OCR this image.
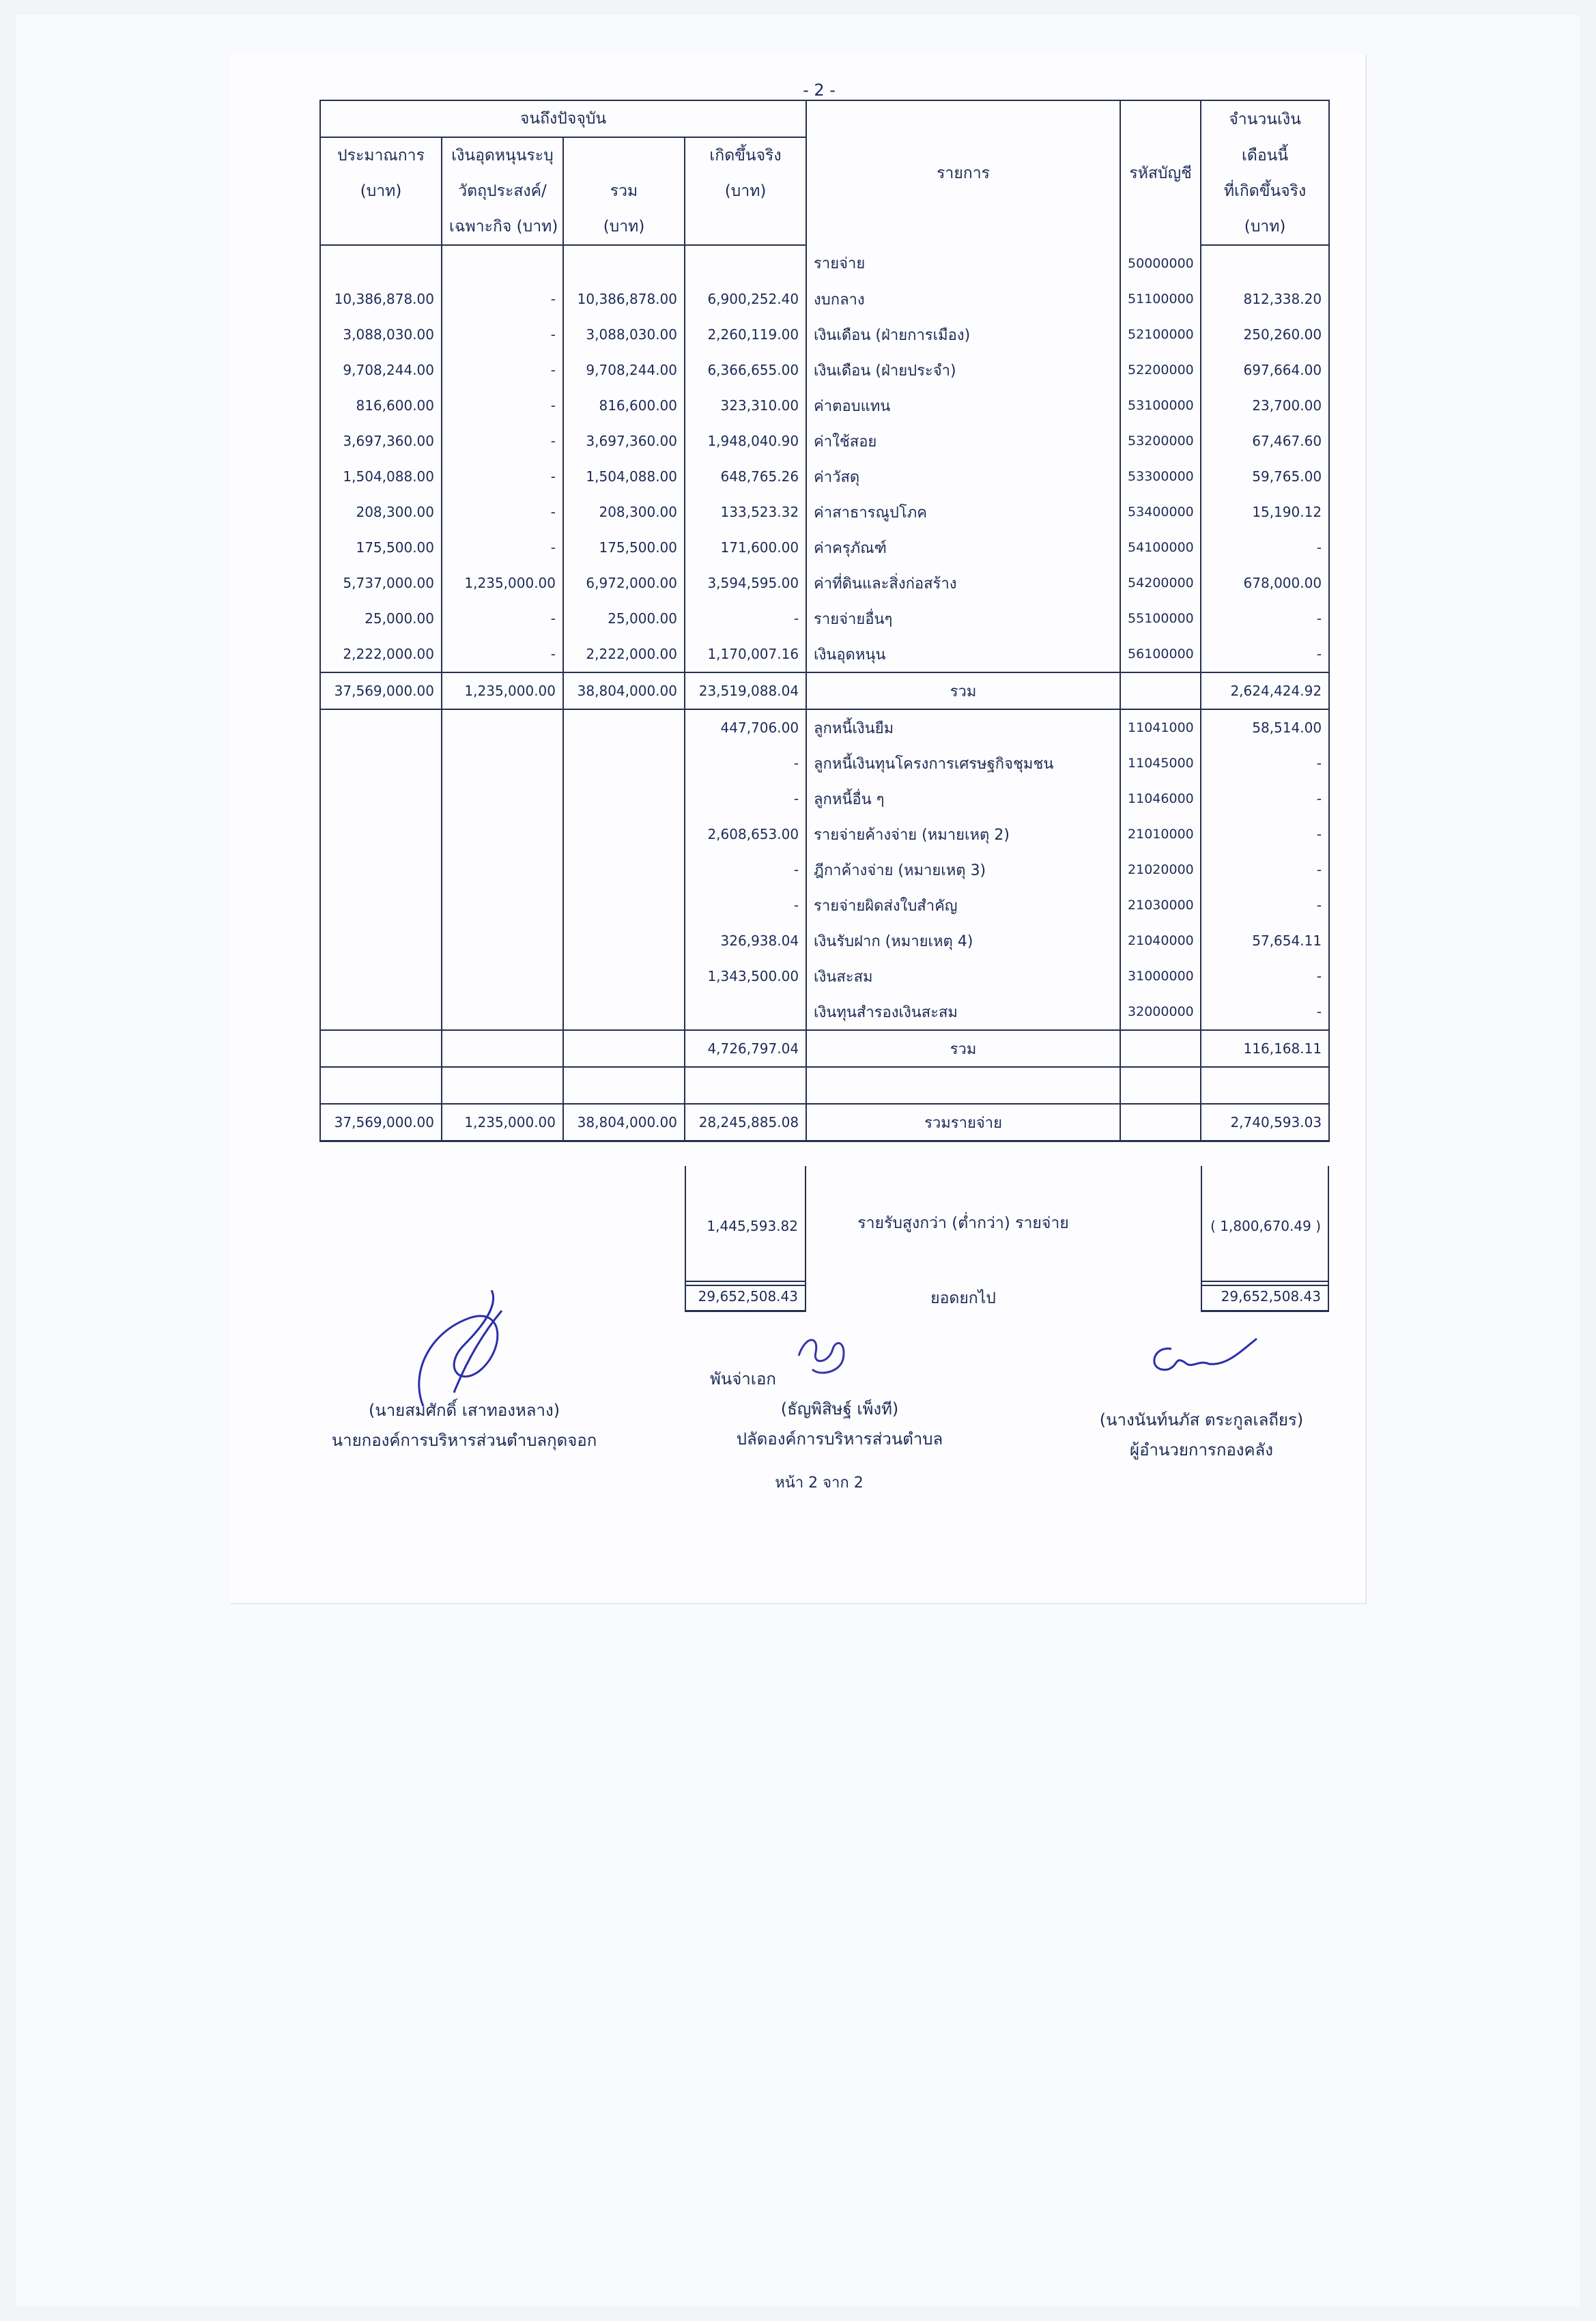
- 2 -
จนถึงปัจจุบัน				รายการ	รหัสบัญชี	จำนวนเงิน
ประมาณการ	เงินอุดหนุนระบุ		เกิดขึ้นจริง			เดือนนี้
(บาท)	วัตถุประสงค์/	รวม	(บาท)			ที่เกิดขึ้นจริง
	เฉพาะกิจ (บาท)	(บาท)				(บาท)
				รายจ่าย	50000000	
10,386,878.00	-	10,386,878.00	6,900,252.40	งบกลาง	51100000	812,338.20
3,088,030.00	-	3,088,030.00	2,260,119.00	เงินเดือน (ฝ่ายการเมือง)	52100000	250,260.00
9,708,244.00	-	9,708,244.00	6,366,655.00	เงินเดือน (ฝ่ายประจำ)	52200000	697,664.00
816,600.00	-	816,600.00	323,310.00	ค่าตอบแทน	53100000	23,700.00
3,697,360.00	-	3,697,360.00	1,948,040.90	ค่าใช้สอย	53200000	67,467.60
1,504,088.00	-	1,504,088.00	648,765.26	ค่าวัสดุ	53300000	59,765.00
208,300.00	-	208,300.00	133,523.32	ค่าสาธารณูปโภค	53400000	15,190.12
175,500.00	-	175,500.00	171,600.00	ค่าครุภัณฑ์	54100000	-
5,737,000.00	1,235,000.00	6,972,000.00	3,594,595.00	ค่าที่ดินและสิ่งก่อสร้าง	54200000	678,000.00
25,000.00	-	25,000.00	-	รายจ่ายอื่นๆ	55100000	-
2,222,000.00	-	2,222,000.00	1,170,007.16	เงินอุดหนุน	56100000	-
37,569,000.00	1,235,000.00	38,804,000.00	23,519,088.04	รวม		2,624,424.92
			447,706.00	ลูกหนี้เงินยืม	11041000	58,514.00
			-	ลูกหนี้เงินทุนโครงการเศรษฐกิจชุมชน	11045000	-
			-	ลูกหนี้อื่น ๆ	11046000	-
			2,608,653.00	รายจ่ายค้างจ่าย (หมายเหตุ 2)	21010000	-
			-	ฎีกาค้างจ่าย (หมายเหตุ 3)	21020000	-
			-	รายจ่ายผิดส่งใบสำคัญ	21030000	-
			326,938.04	เงินรับฝาก (หมายเหตุ 4)	21040000	57,654.11
			1,343,500.00	เงินสะสม	31000000	-
				เงินทุนสำรองเงินสะสม	32000000	-
			4,726,797.04	รวม		116,168.11

37,569,000.00	1,235,000.00	38,804,000.00	28,245,885.08	รวมรายจ่าย		2,740,593.03
1,445,593.82	รายรับสูงกว่า (ต่ำกว่า) รายจ่าย	( 1,800,670.49 )
29,652,508.43	ยอดยกไป	29,652,508.43
(นายสมศักดิ์ เสาทองหลาง)
นายกองค์การบริหารส่วนตำบลกุดจอก
พันจ่าเอก
(ธัญพิสิษฐ์ เพ็งที)
ปลัดองค์การบริหารส่วนตำบล
(นางนันท์นภัส ตระกูลเลถียร)
ผู้อำนวยการกองคลัง
หน้า 2 จาก 2
